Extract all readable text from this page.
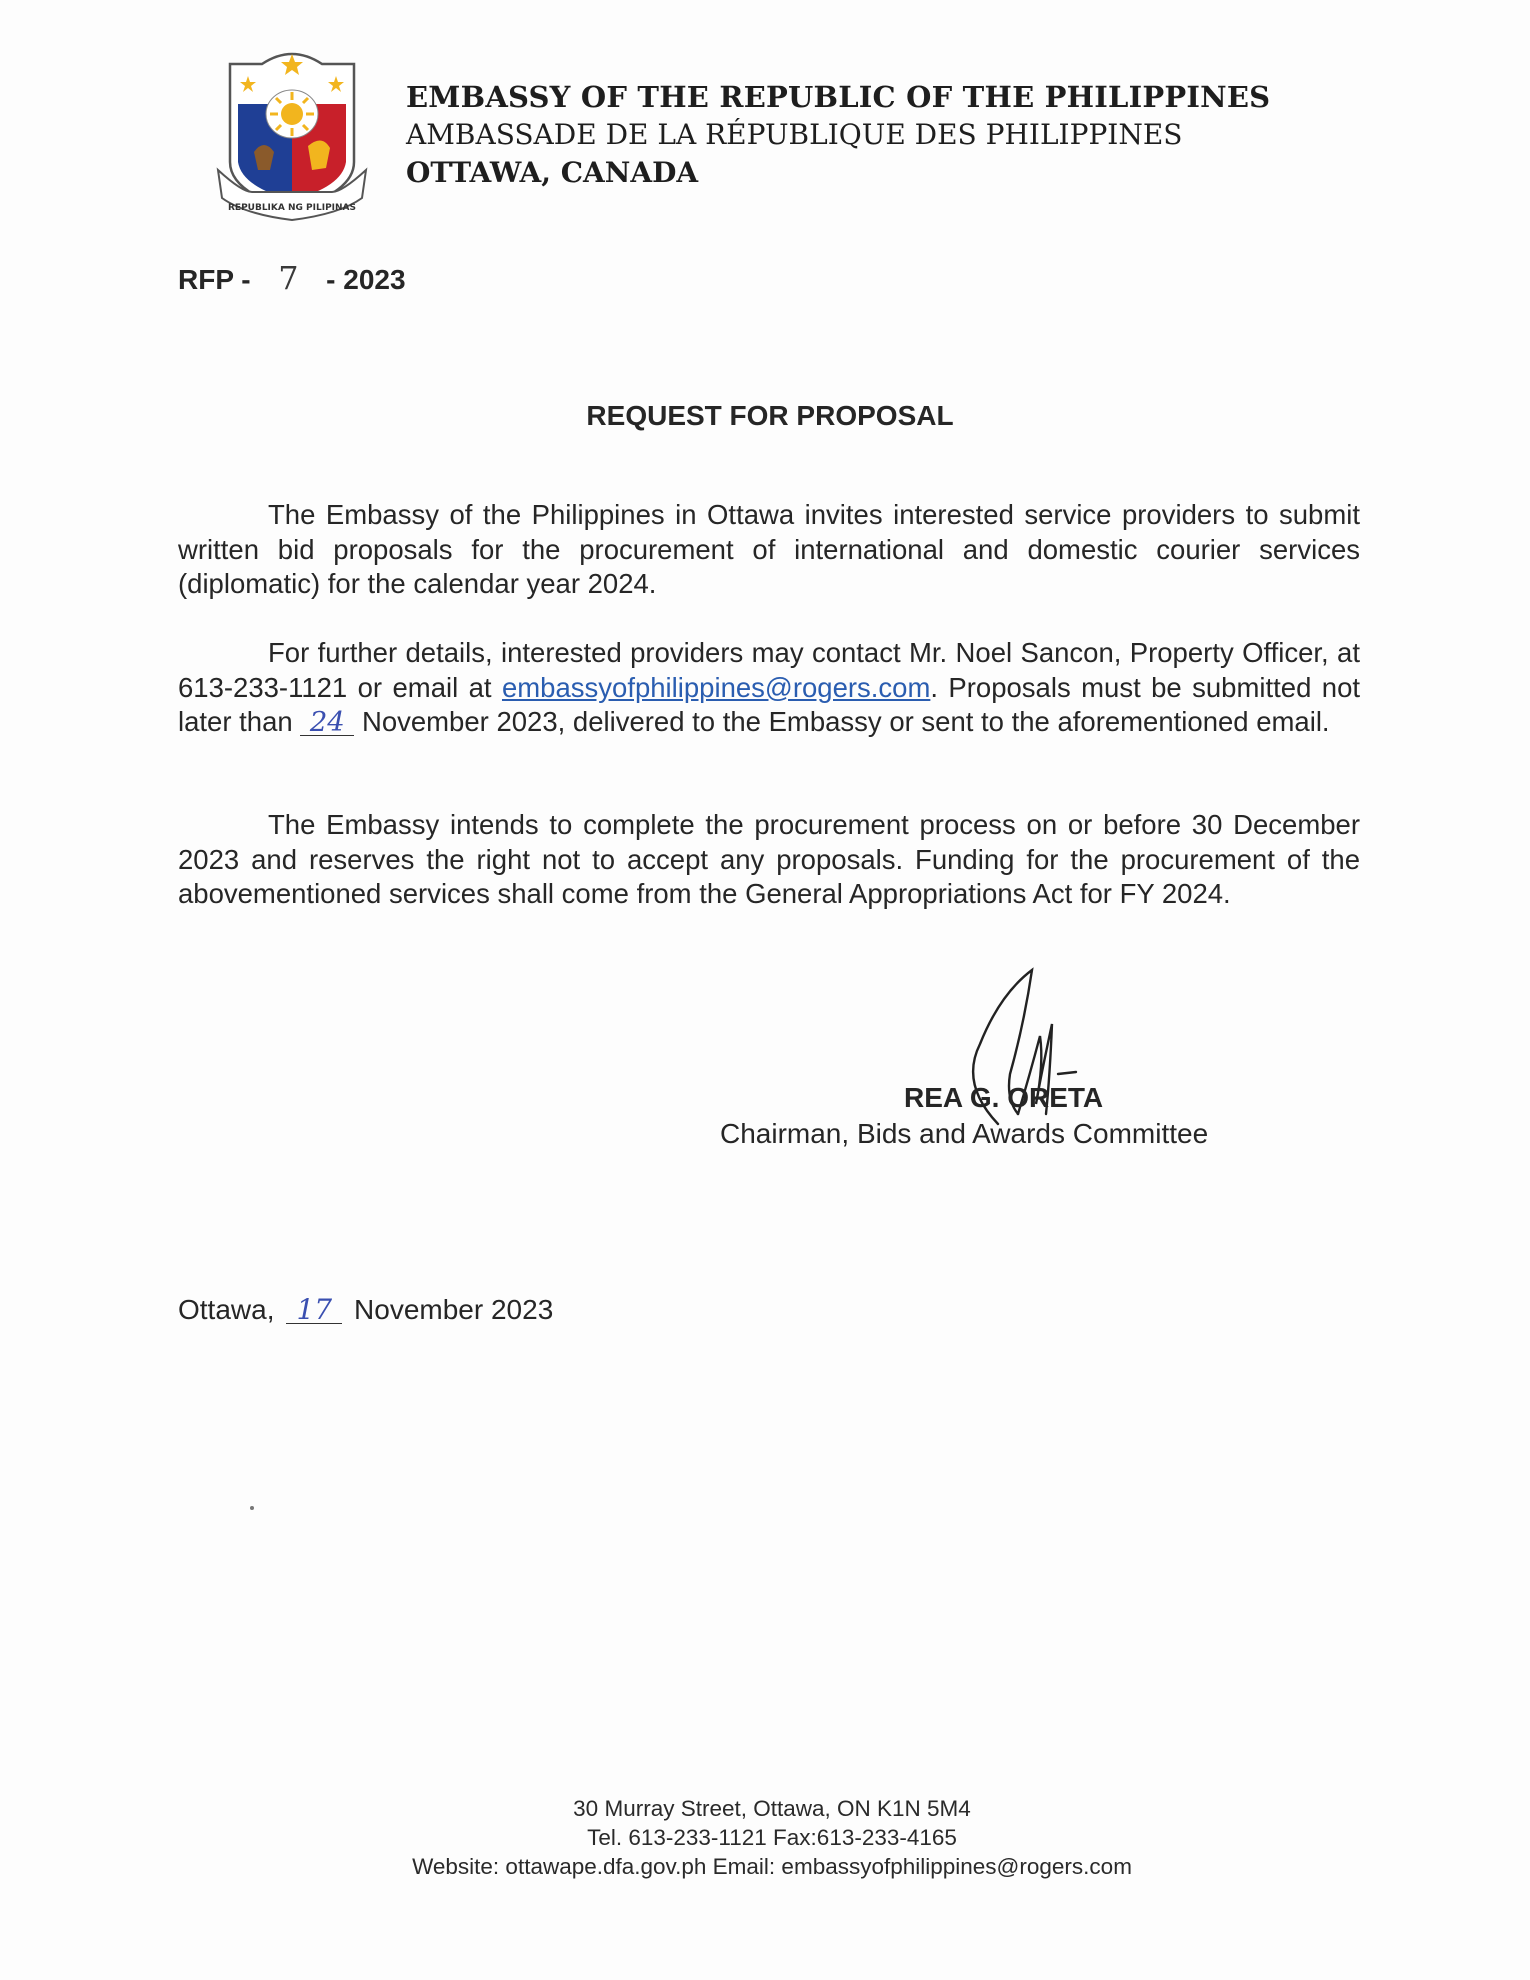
REPUBLIKA NG PILIPINAS
EMBASSY OF THE REPUBLIC OF THE PHILIPPINES
AMBASSADE DE LA RÉPUBLIQUE DES PHILIPPINES
OTTAWA, CANADA
RFP - 7 - 2023
REQUEST FOR PROPOSAL
The Embassy of the Philippines in Ottawa invites interested service providers to submit written bid proposals for the procurement of international and domestic courier services (diplomatic) for the calendar year 2024.
For further details, interested providers may contact Mr. Noel Sancon, Property Officer, at 613-233-1121 or email at embassyofphilippines@rogers.com. Proposals must be submitted not later than 24 November 2023, delivered to the Embassy or sent to the aforementioned email.
The Embassy intends to complete the procurement process on or before 30 December 2023 and reserves the right not to accept any proposals. Funding for the procurement of the abovementioned services shall come from the General Appropriations Act for FY 2024.
REA G. ORETA
Chairman, Bids and Awards Committee
Ottawa, 17 November 2023
30 Murray Street, Ottawa, ON K1N 5M4
Tel. 613-233-1121 Fax:613-233-4165
Website: ottawape.dfa.gov.ph Email: embassyofphilippines@rogers.com
